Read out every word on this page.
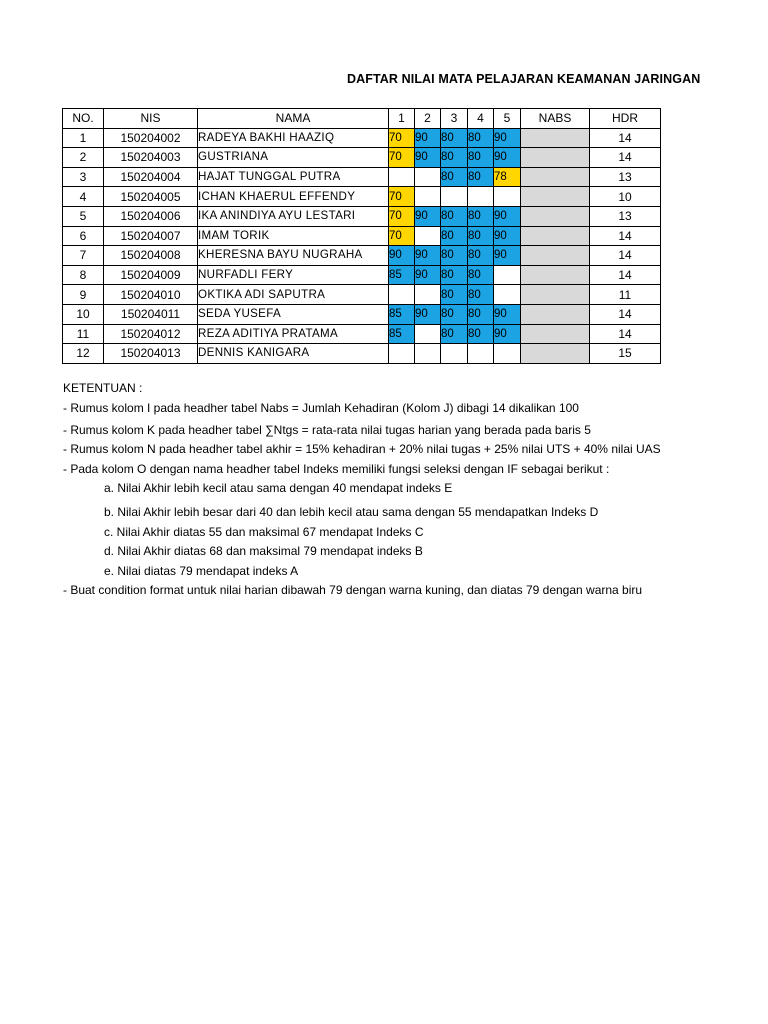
DAFTAR NILAI MATA PELAJARAN KEAMANAN JARINGAN
NO.	NIS	NAMA	1	2	3	4	5	NABS	HDR
1	150204002	RADEYA BAKHI HAAZIQ	70	90	80	80	90		14
2	150204003	GUSTRIANA	70	90	80	80	90		14
3	150204004	HAJAT TUNGGAL PUTRA			80	80	78		13
4	150204005	ICHAN KHAERUL EFFENDY	70						10
5	150204006	IKA ANINDIYA AYU LESTARI	70	90	80	80	90		13
6	150204007	IMAM TORIK	70		80	80	90		14
7	150204008	KHERESNA BAYU NUGRAHA	90	90	80	80	90		14
8	150204009	NURFADLI FERY	85	90	80	80			14
9	150204010	OKTIKA ADI SAPUTRA			80	80			11
10	150204011	SEDA YUSEFA	85	90	80	80	90		14
11	150204012	REZA ADITIYA PRATAMA	85		80	80	90		14
12	150204013	DENNIS KANIGARA							15
KETENTUAN :
- Rumus kolom I pada headher tabel Nabs = Jumlah Kehadiran (Kolom J) dibagi 14 dikalikan 100
- Rumus kolom K pada headher tabel ∑Ntgs = rata-rata nilai tugas harian yang berada pada baris 5
- Rumus kolom N pada headher tabel akhir = 15% kehadiran + 20% nilai tugas + 25% nilai UTS + 40% nilai UAS
- Pada kolom O dengan nama headher tabel Indeks memiliki fungsi seleksi dengan IF sebagai berikut :
a. Nilai Akhir lebih kecil atau sama dengan 40 mendapat indeks E
b. Nilai Akhir lebih besar dari 40 dan lebih kecil atau sama dengan 55 mendapatkan Indeks D
c. Nilai Akhir diatas 55 dan maksimal 67 mendapat Indeks C
d. Nilai Akhir diatas 68 dan maksimal 79 mendapat indeks B
e. Nilai diatas 79 mendapat indeks A
- Buat condition format untuk nilai harian dibawah 79 dengan warna kuning, dan diatas 79 dengan warna biru
